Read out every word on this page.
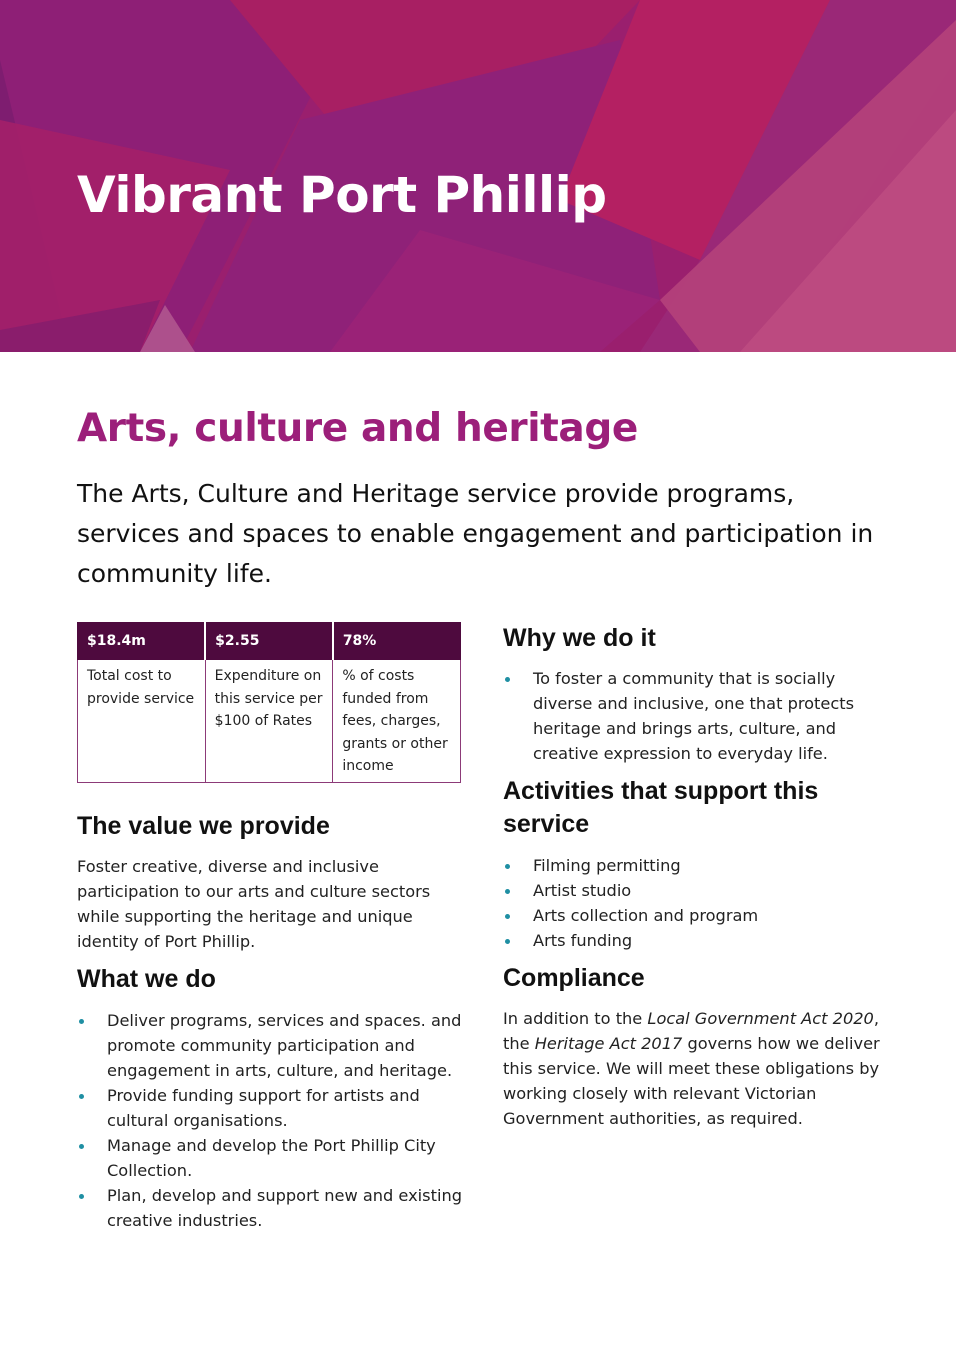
Vibrant Port Phillip
Arts, culture and heritage

The Arts, Culture and Heritage service provide programs, services and spaces to enable engagement and participation in community life.

$18.4m	$2.55	78%
Total cost to provide service	Expenditure on this service per $100 of Rates	% of costs funded from fees, charges, grants or other income
The value we provide

Foster creative, diverse and inclusive participation to our arts and culture sectors while supporting the heritage and unique identity of Port Phillip.

What we do
Deliver programs, services and spaces. and promote community participation and engagement in arts, culture, and heritage.
Provide funding support for artists and cultural organisations.
Manage and develop the Port Phillip City Collection.
Plan, develop and support new and existing creative industries.
Why we do it
To foster a community that is socially diverse and inclusive, one that protects heritage and brings arts, culture, and creative expression to everyday life.
Activities that support this service
Filming permitting
Artist studio
Arts collection and program
Arts funding
Compliance

In addition to the Local Government Act 2020, the Heritage Act 2017 governs how we deliver this service. We will meet these obligations by working closely with relevant Victorian Government authorities, as required.
